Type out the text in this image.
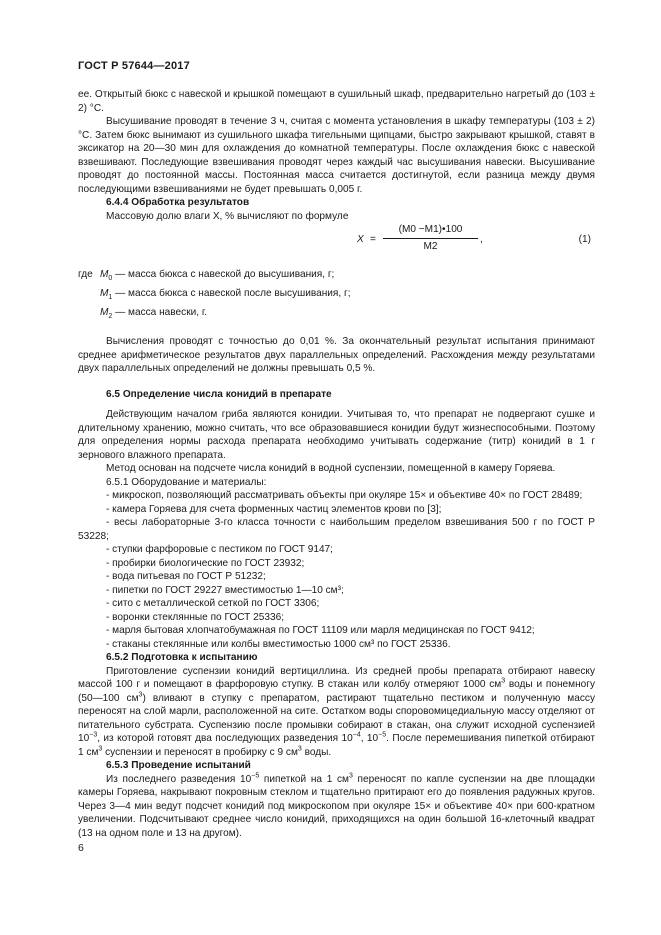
ГОСТ Р 57644—2017

ее. Открытый бюкс с навеской и крышкой помещают в сушильный шкаф, предварительно нагретый до (103 ± 2) °С.

Высушивание проводят в течение 3 ч, считая с момента установления в шкафу температуры (103 ± 2) °С. Затем бюкс вынимают из сушильного шкафа тигельными щипцами, быстро закрывают крышкой, ставят в эксикатор на 20—30 мин для охлаждения до комнатной температуры. После охлаждения бюкс с навеской взвешивают. Последующие взвешивания проводят через каждый час высушивания навески. Высушивание проводят до постоянной массы. Постоянная масса считается достигнутой, если разница между двумя последующими взвешиваниями не будет превышать 0,005 г.

6.4.4 Обработка результатов

Массовую долю влаги X, % вычисляют по формуле

$X = \frac{(M0 -M1)•100}{M2}$ ,	(1)
где $M_0$ — масса бюкса с навеской до высушивания, г;
$M_1$ — масса бюкса с навеской после высушивания, г;
$M_2$ — масса навески, г.

Вычисления проводят с точностью до 0,01 %. За окончательный результат испытания принимают среднее арифметическое результатов двух параллельных определений. Расхождения между результатами двух параллельных определений не должны превышать 0,5 %.

6.5 Определение числа конидий в препарате

Действующим началом гриба являются конидии. Учитывая то, что препарат не подвергают сушке и длительному хранению, можно считать, что все образовавшиеся конидии будут жизнеспособными. Поэтому для определения нормы расхода препарата необходимо учитывать содержание (титр) конидий в 1 г зернового влажного препарата.

Метод основан на подсчете числа конидий в водной суспензии, помещенной в камеру Горяева.

6.5.1 Оборудование и материалы:

- микроскоп, позволяющий рассматривать объекты при окуляре 15× и объективе 40× по ГОСТ 28489;

- камера Горяева для счета форменных частиц элементов крови по [3];

- весы лабораторные 3-го класса точности с наибольшим пределом взвешивания 500 г по ГОСТ Р 53228;

- ступки фарфоровые с пестиком по ГОСТ 9147;

- пробирки биологические по ГОСТ 23932;

- вода питьевая по ГОСТ Р 51232;

- пипетки по ГОСТ 29227 вместимостью 1—10 см³;

- сито с металлической сеткой по ГОСТ 3306;

- воронки стеклянные по ГОСТ 25336;

- марля бытовая хлопчатобумажная по ГОСТ 11109 или марля медицинская по ГОСТ 9412;

- стаканы стеклянные или колбы вместимостью 1000 см³ по ГОСТ 25336.

6.5.2 Подготовка к испытанию

Приготовление суспензии конидий вертициллина. Из средней пробы препарата отбирают навеску массой 100 г и помещают в фарфоровую ступку. В стакан или колбу отмеряют 1000 $см^3$ воды и понемногу (50—100 $см^3$) вливают в ступку с препаратом, растирают тщательно пестиком и полученную массу переносят на слой марли, расположенной на сите. Остатком воды споровомицедиальную массу отделяют от питательного субстрата. Суспензию после промывки собирают в стакан, она служит исходной суспензией $10^{-3}$, из которой готовят два последующих разведения $10^{-4}$, $10^{-5}$. После перемешивания пипеткой отбирают 1 $см^3$ суспензии и переносят в пробирку с 9 $см^3$ воды.

6.5.3 Проведение испытаний

Из последнего разведения $10^{-5}$ пипеткой на 1 $см^3$ переносят по капле суспензии на две площадки камеры Горяева, накрывают покровным стеклом и тщательно притирают его до появления радужных кругов. Через 3—4 мин ведут подсчет конидий под микроскопом при окуляре 15× и объективе 40× при 600-кратном увеличении. Подсчитывают среднее число конидий, приходящихся на один большой 16-клеточный квадрат (13 на одном поле и 13 на другом).

6
